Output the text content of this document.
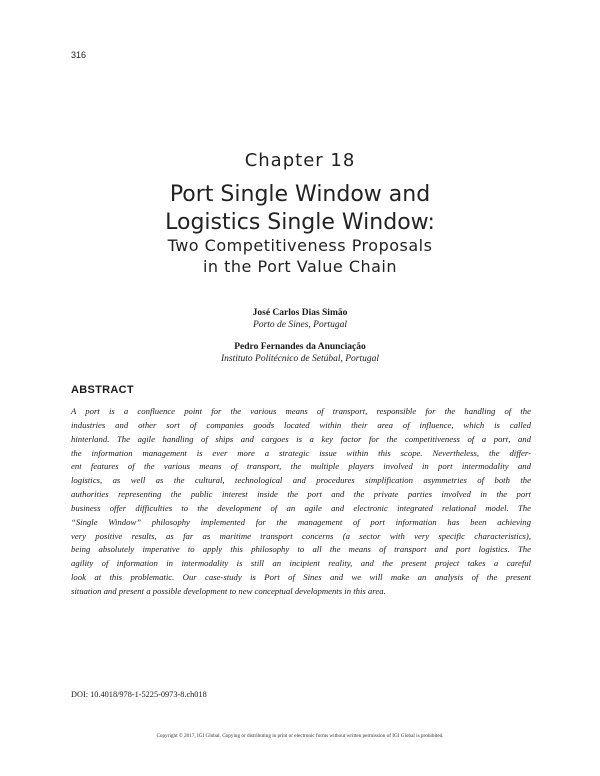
316
Chapter 18
Port Single Window and
Logistics Single Window:
Two Competitiveness Proposals
in the Port Value Chain
José Carlos Dias Simão
Porto de Sines, Portugal
Pedro Fernandes da Anunciação
Instituto Politécnico de Setúbal, Portugal
ABSTRACT
A port is a confluence point for the various means of transport, responsible for the handling of the
industries and other sort of companies goods located within their area of influence, which is called
hinterland. The agile handling of ships and cargoes is a key factor for the competitiveness of a port, and
the information management is ever more a strategic issue within this scope. Nevertheless, the differ-
ent features of the various means of transport, the multiple players involved in port intermodality and
logistics, as well as the cultural, technological and procedures simplification asymmetries of both the
authorities representing the public interest inside the port and the private parties involved in the port
business offer difficulties to the development of an agile and electronic integrated relational model. The
“Single Window” philosophy implemented for the management of port information has been achieving
very positive results, as far as maritime transport concerns (a sector with very specific characteristics),
being absolutely imperative to apply this philosophy to all the means of transport and port logistics. The
agility of information in intermodality is still an incipient reality, and the present project takes a careful
look at this problematic. Our case-study is Port of Sines and we will make an analysis of the present
situation and present a possible development to new conceptual developments in this area.
DOI: 10.4018/978-1-5225-0973-8.ch018
Copyright © 2017, IGI Global. Copying or distributing in print or electronic forms without written permission of IGI Global is prohibited.
